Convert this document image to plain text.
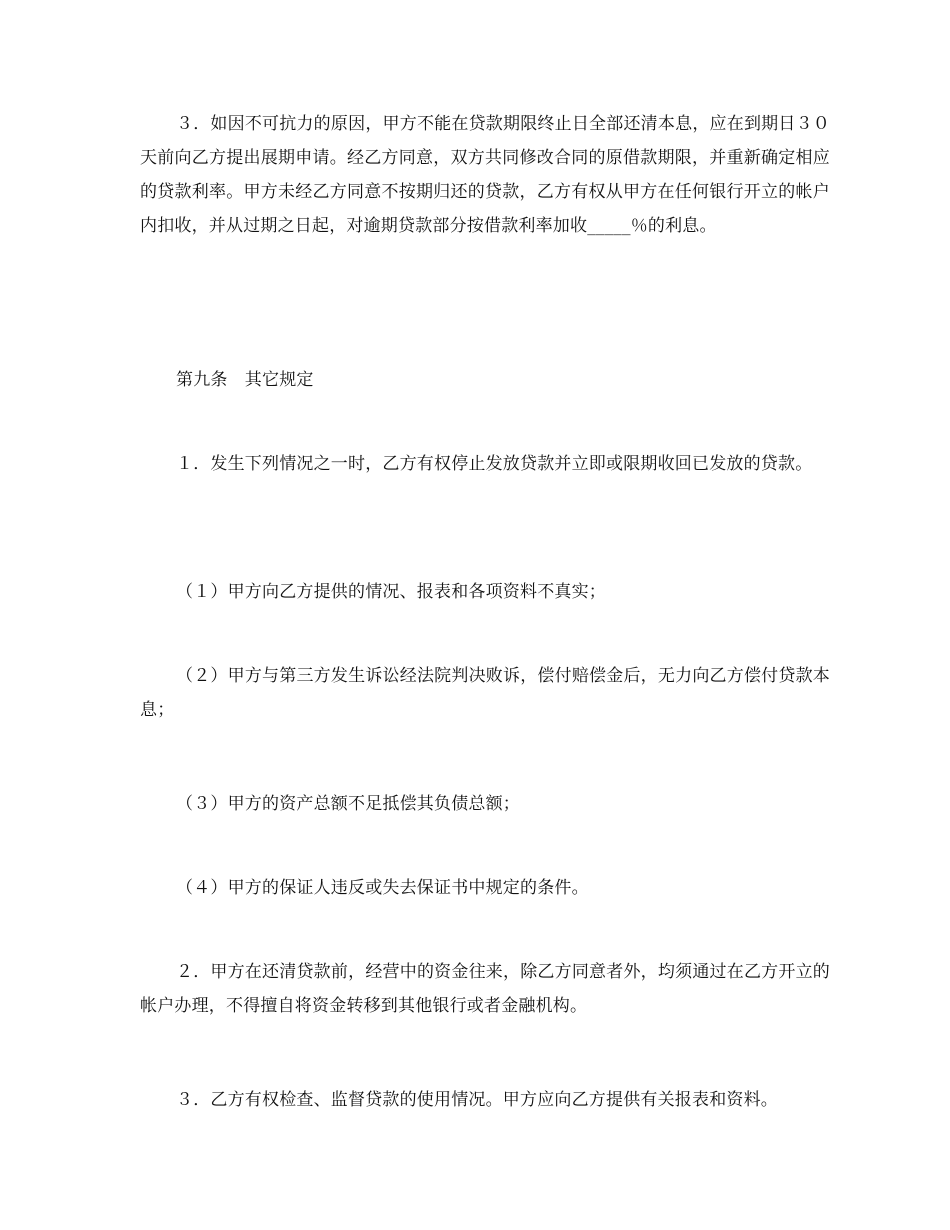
３．如因不可抗力的原因，甲方不能在贷款期限终止日全部还清本息，应在到期日３０天前向乙方提出展期申请。经乙方同意，双方共同修改合同的原借款期限，并重新确定相应的贷款利率。甲方未经乙方同意不按期归还的贷款，乙方有权从甲方在任何银行开立的帐户内扣收，并从过期之日起，对逾期贷款部分按借款利率加收_____％的利息。

第九条　其它规定

１．发生下列情况之一时，乙方有权停止发放贷款并立即或限期收回已发放的贷款。

（１）甲方向乙方提供的情况、报表和各项资料不真实；

（２）甲方与第三方发生诉讼经法院判决败诉，偿付赔偿金后，无力向乙方偿付贷款本息；

（３）甲方的资产总额不足抵偿其负债总额；

（４）甲方的保证人违反或失去保证书中规定的条件。

２．甲方在还清贷款前，经营中的资金往来，除乙方同意者外，均须通过在乙方开立的帐户办理，不得擅自将资金转移到其他银行或者金融机构。

３．乙方有权检查、监督贷款的使用情况。甲方应向乙方提供有关报表和资料。
